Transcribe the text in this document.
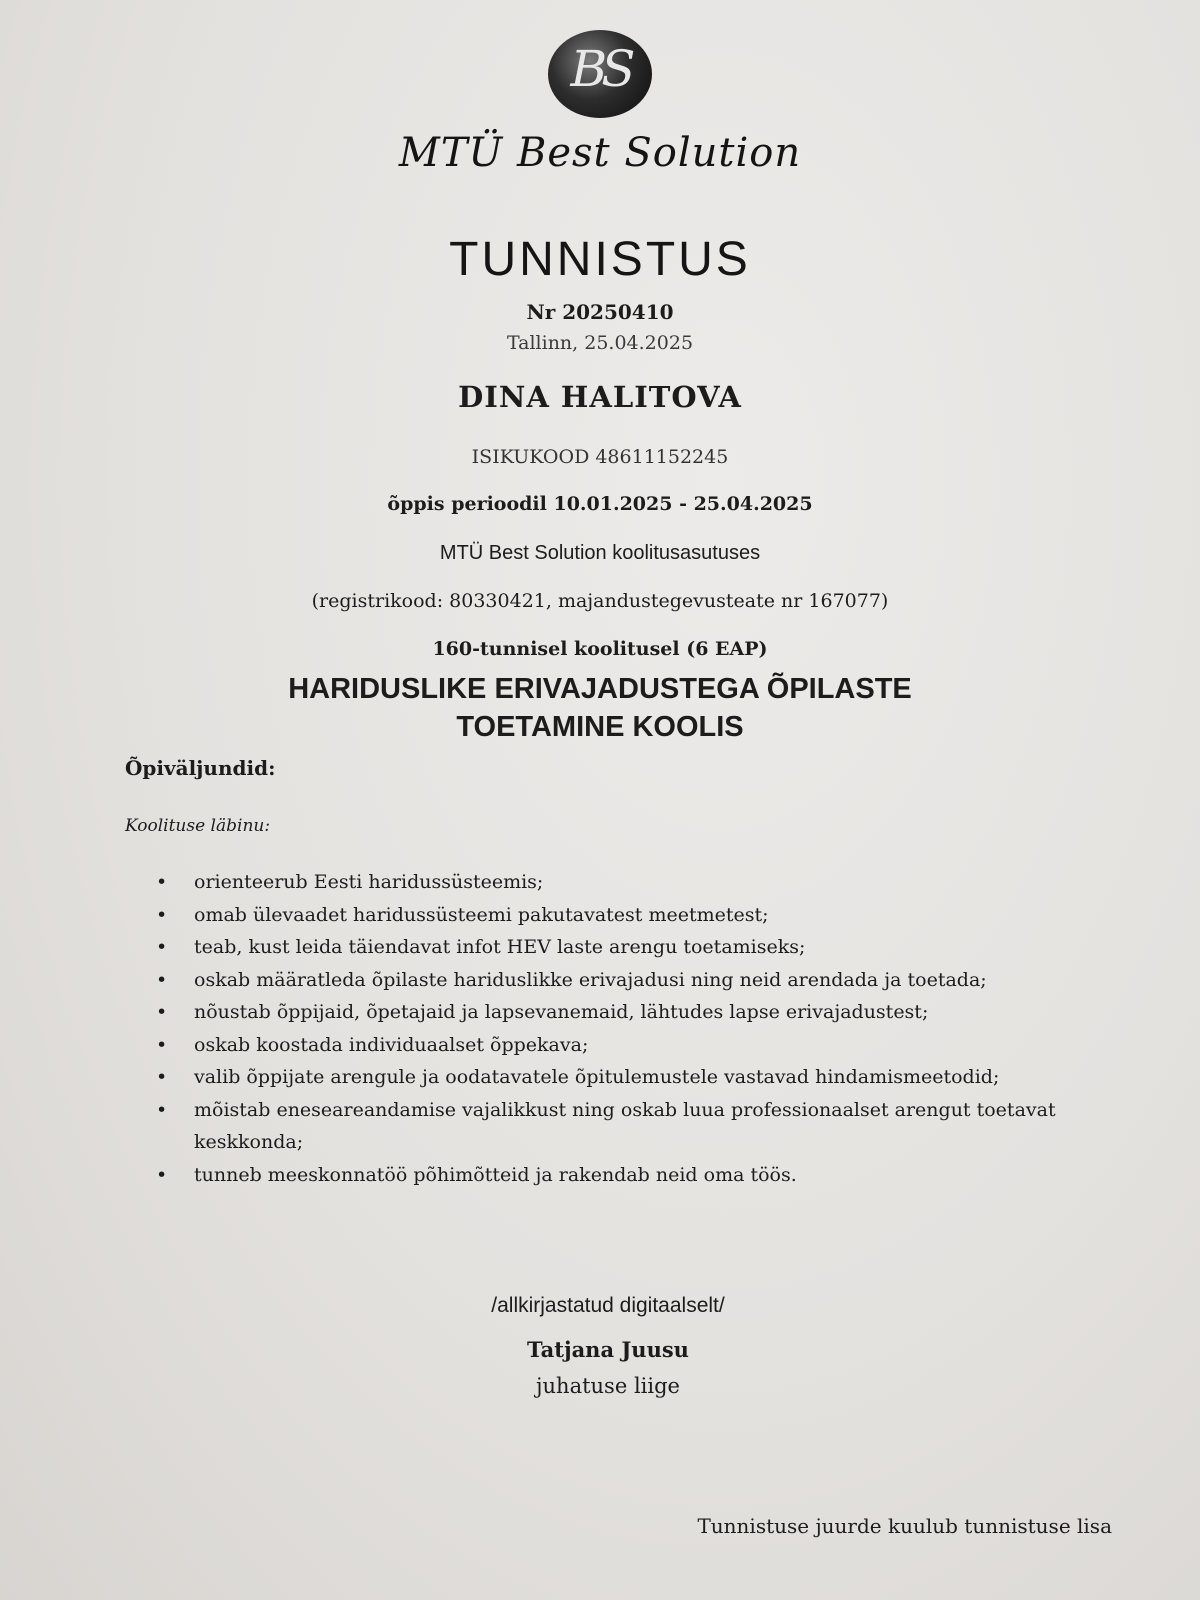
BS
MTÜ Best Solution
TUNNISTUS
Nr 20250410
Tallinn, 25.04.2025
DINA HALITOVA
ISIKUKOOD 48611152245
õppis perioodil 10.01.2025 - 25.04.2025
MTÜ Best Solution koolitusasutuses
(registrikood: 80330421, majandustegevusteate nr 167077)
160-tunnisel koolitusel (6 EAP)
HARIDUSLIKE ERIVAJADUSTEGA ÕPILASTE
TOETAMINE KOOLIS
Õpiväljundid:
Koolituse läbinu:
• orienteerub Eesti haridussüsteemis;
• omab ülevaadet haridussüsteemi pakutavatest meetmetest;
• teab, kust leida täiendavat infot HEV laste arengu toetamiseks;
• oskab määratleda õpilaste hariduslikke erivajadusi ning neid arendada ja toetada;
• nõustab õppijaid, õpetajaid ja lapsevanemaid, lähtudes lapse erivajadustest;
• oskab koostada individuaalset õppekava;
• valib õppijate arengule ja oodatavatele õpitulemustele vastavad hindamismeetodid;
• mõistab eneseareandamise vajalikkust ning oskab luua professionaalset arengut toetavat keskkonda;
• tunneb meeskonnatöö põhimõtteid ja rakendab neid oma töös.
/allkirjastatud digitaalselt/
Tatjana Juusu
juhatuse liige
Tunnistuse juurde kuulub tunnistuse lisa
